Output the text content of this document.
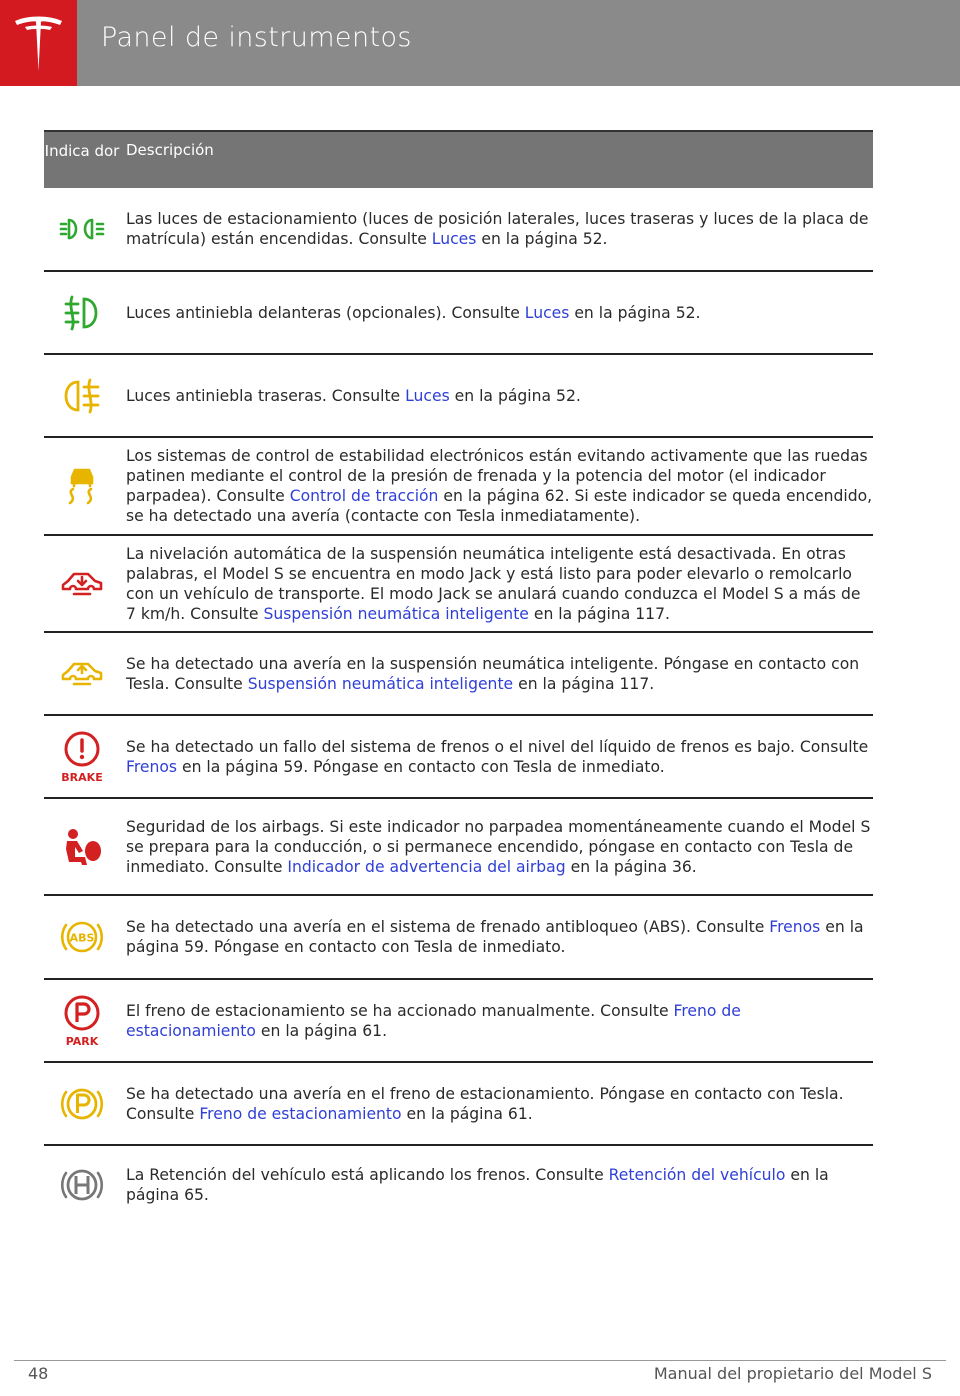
Panel de instrumentos
Indica dor Descripción
Las luces de estacionamiento (luces de posición laterales, luces traseras y luces de la placa de matrícula) están encendidas. Consulte Luces en la página 52.
Luces antiniebla delanteras (opcionales). Consulte Luces en la página 52.
Luces antiniebla traseras. Consulte Luces en la página 52.
Los sistemas de control de estabilidad electrónicos están evitando activamente que las ruedas patinen mediante el control de la presión de frenada y la potencia del motor (el indicador parpadea). Consulte Control de tracción en la página 62. Si este indicador se queda encendido, se ha detectado una avería (contacte con Tesla inmediatamente).
La nivelación automática de la suspensión neumática inteligente está desactivada. En otras palabras, el Model S se encuentra en modo Jack y está listo para poder elevarlo o remolcarlo con un vehículo de transporte. El modo Jack se anulará cuando conduzca el Model S a más de 7 km/h. Consulte Suspensión neumática inteligente en la página 117.
Se ha detectado una avería en la suspensión neumática inteligente. Póngase en contacto con Tesla. Consulte Suspensión neumática inteligente en la página 117.
BRAKE
Se ha detectado un fallo del sistema de frenos o el nivel del líquido de frenos es bajo. Consulte Frenos en la página 59. Póngase en contacto con Tesla de inmediato.
Seguridad de los airbags. Si este indicador no parpadea momentáneamente cuando el Model S se prepara para la conducción, o si permanece encendido, póngase en contacto con Tesla de inmediato. Consulte Indicador de advertencia del airbag en la página 36.
ABS
Se ha detectado una avería en el sistema de frenado antibloqueo (ABS). Consulte Frenos en la página 59. Póngase en contacto con Tesla de inmediato.
PARK
El freno de estacionamiento se ha accionado manualmente. Consulte Freno de estacionamiento en la página 61.
Se ha detectado una avería en el freno de estacionamiento. Póngase en contacto con Tesla. Consulte Freno de estacionamiento en la página 61.
La Retención del vehículo está aplicando los frenos. Consulte Retención del vehículo en la página 65.
48	Manual del propietario del Model S
